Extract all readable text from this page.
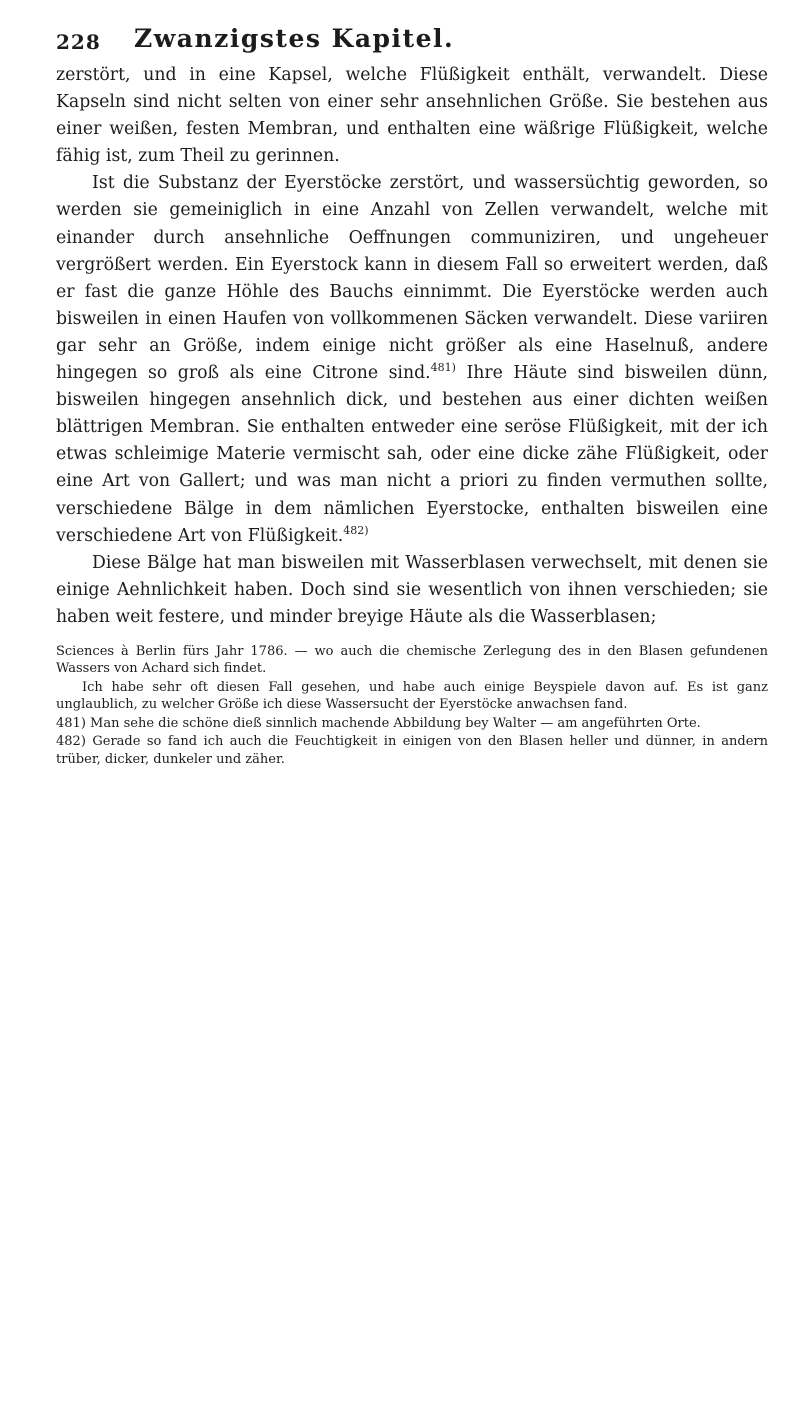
228 Zwanzigstes Kapitel.

zerstört, und in eine Kapsel, welche Flüßigkeit enthält, verwandelt. Diese Kapseln sind nicht selten von einer sehr ansehnlichen Größe. Sie bestehen aus einer weißen, festen Membran, und enthalten eine wäßrige Flüßigkeit, welche fähig ist, zum Theil zu gerinnen.

Ist die Substanz der Eyerstöcke zerstört, und wassersüchtig geworden, so werden sie gemeiniglich in eine Anzahl von Zellen verwandelt, welche mit einander durch ansehnliche Oeffnungen communiziren, und ungeheuer vergrößert werden. Ein Eyerstock kann in diesem Fall so erweitert werden, daß er fast die ganze Höhle des Bauchs einnimmt. Die Eyerstöcke werden auch bisweilen in einen Haufen von vollkommenen Säcken verwandelt. Diese variiren gar sehr an Größe, indem einige nicht größer als eine Haselnuß, andere hingegen so groß als eine Citrone sind.$^{481)}$ Ihre Häute sind bisweilen dünn, bisweilen hingegen ansehnlich dick, und bestehen aus einer dichten weißen blättrigen Membran. Sie enthalten entweder eine seröse Flüßigkeit, mit der ich etwas schleimige Materie vermischt sah, oder eine dicke zähe Flüßigkeit, oder eine Art von Gallert; und was man nicht a priori zu finden vermuthen sollte, verschiedene Bälge in dem nämlichen Eyerstocke, enthalten bisweilen eine verschiedene Art von Flüßigkeit.$^{482)}$

Diese Bälge hat man bisweilen mit Wasserblasen verwechselt, mit denen sie einige Aehnlichkeit haben. Doch sind sie wesentlich von ihnen verschieden; sie haben weit festere, und minder breyige Häute als die Wasserblasen;

Sciences à Berlin fürs Jahr 1786. — wo auch die chemische Zerlegung des in den Blasen gefundenen Wassers von Achard sich findet.

Ich habe sehr oft diesen Fall gesehen, und habe auch einige Beyspiele davon auf. Es ist ganz unglaublich, zu welcher Größe ich diese Wassersucht der Eyerstöcke anwachsen fand.

481) Man sehe die schöne dieß sinnlich machende Abbildung bey Walter — am angeführten Orte.

482) Gerade so fand ich auch die Feuchtigkeit in einigen von den Blasen heller und dünner, in andern trüber, dicker, dunkeler und zäher.
